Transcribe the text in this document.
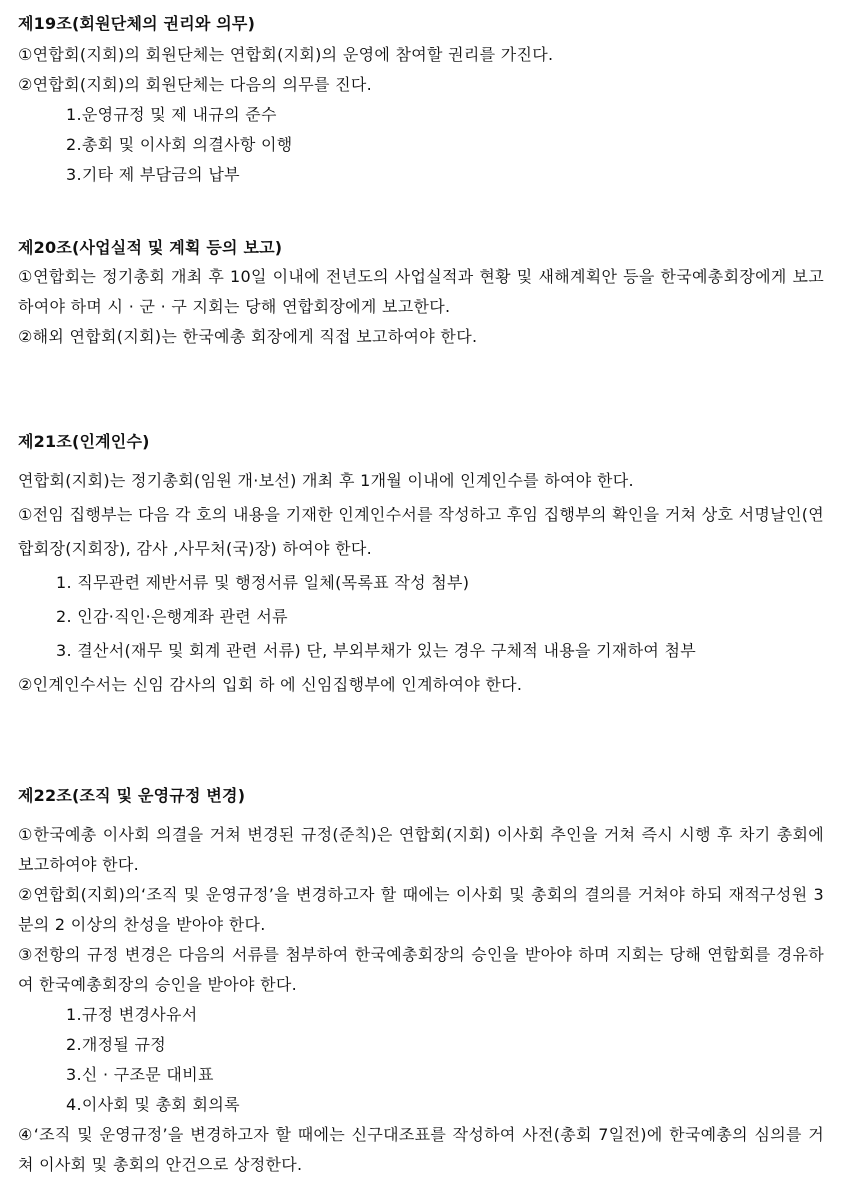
제19조(회원단체의 권리와 의무)
①연합회(지회)의 회원단체는 연합회(지회)의 운영에 참여할 권리를 가진다.
②연합회(지회)의 회원단체는 다음의 의무를 진다.
1.운영규정 및 제 내규의 준수
2.총회 및 이사회 의결사항 이행
3.기타 제 부담금의 납부
제20조(사업실적 및 계획 등의 보고)
①연합회는 정기총회 개최 후 10일 이내에 전년도의 사업실적과 현황 및 새해계획안 등을 한국예총회장에게 보고하여야 하며 시 · 군 · 구 지회는 당해 연합회장에게 보고한다.
②해외 연합회(지회)는 한국예총 회장에게 직접 보고하여야 한다.
제21조(인계인수)
연합회(지회)는 정기총회(임원 개·보선) 개최 후 1개월 이내에 인계인수를 하여야 한다.
①전임 집행부는 다음 각 호의 내용을 기재한 인계인수서를 작성하고 후임 집행부의 확인을 거쳐 상호 서명날인(연합회장(지회장), 감사 ,사무처(국)장) 하여야 한다.
1. 직무관련 제반서류 및 행정서류 일체(목록표 작성 첨부)
2. 인감·직인·은행계좌 관련 서류
3. 결산서(재무 및 회계 관련 서류) 단, 부외부채가 있는 경우 구체적 내용을 기재하여 첨부
②인계인수서는 신임 감사의 입회 하 에 신임집행부에 인계하여야 한다.
제22조(조직 및 운영규정 변경)
①한국예총 이사회 의결을 거쳐 변경된 규정(준칙)은 연합회(지회) 이사회 추인을 거쳐 즉시 시행 후 차기 총회에 보고하여야 한다.
②연합회(지회)의‘조직 및 운영규정’을 변경하고자 할 때에는 이사회 및 총회의 결의를 거쳐야 하되 재적구성원 3분의 2 이상의 찬성을 받아야 한다.
③전항의 규정 변경은 다음의 서류를 첨부하여 한국예총회장의 승인을 받아야 하며 지회는 당해 연합회를 경유하여 한국예총회장의 승인을 받아야 한다.
1.규정 변경사유서
2.개정될 규정
3.신 · 구조문 대비표
4.이사회 및 총회 회의록
④‘조직 및 운영규정’을 변경하고자 할 때에는 신구대조표를 작성하여 사전(총회 7일전)에 한국예총의 심의를 거쳐 이사회 및 총회의 안건으로 상정한다.
